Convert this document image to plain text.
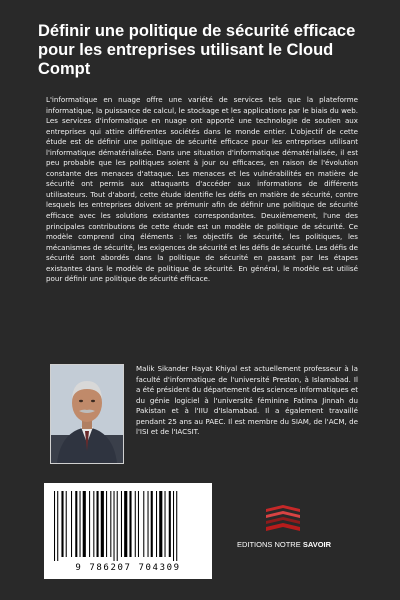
Définir une politique de sécurité efficace pour les entreprises utilisant le Cloud Compt

L'informatique en nuage offre une variété de services tels que la plateforme informatique, la puissance de calcul, le stockage et les applications par le biais du web. Les services d'informatique en nuage ont apporté une technologie de soutien aux entreprises qui attire différentes sociétés dans le monde entier. L'objectif de cette étude est de définir une politique de sécurité efficace pour les entreprises utilisant l'informatique dématérialisée. Dans une situation d'informatique dématérialisée, il est peu probable que les politiques soient à jour ou efficaces, en raison de l'évolution constante des menaces d'attaque. Les menaces et les vulnérabilités en matière de sécurité ont permis aux attaquants d'accéder aux informations de différents utilisateurs. Tout d'abord, cette étude identifie les défis en matière de sécurité, contre lesquels les entreprises doivent se prémunir afin de définir une politique de sécurité efficace avec les solutions existantes correspondantes. Deuxièmement, l'une des principales contributions de cette étude est un modèle de politique de sécurité. Ce modèle comprend cinq éléments : les objectifs de sécurité, les politiques, les mécanismes de sécurité, les exigences de sécurité et les défis de sécurité. Les défis de sécurité sont abordés dans la politique de sécurité en passant par les étapes existantes dans le modèle de politique de sécurité. En général, le modèle est utilisé pour définir une politique de sécurité efficace.

Malik Sikander Hayat Khiyal est actuellement professeur à la faculté d'informatique de l'université Preston, à Islamabad. Il a été président du département des sciences informatiques et du génie logiciel à l'université féminine Fatima Jinnah du Pakistan et à l'IIU d'Islamabad. Il a également travaillé pendant 25 ans au PAEC. Il est membre du SIAM, de l'ACM, de l'ISI et de l'IACSIT.

9 786207 704309
EDITIONS NOTRE SAVOIR
